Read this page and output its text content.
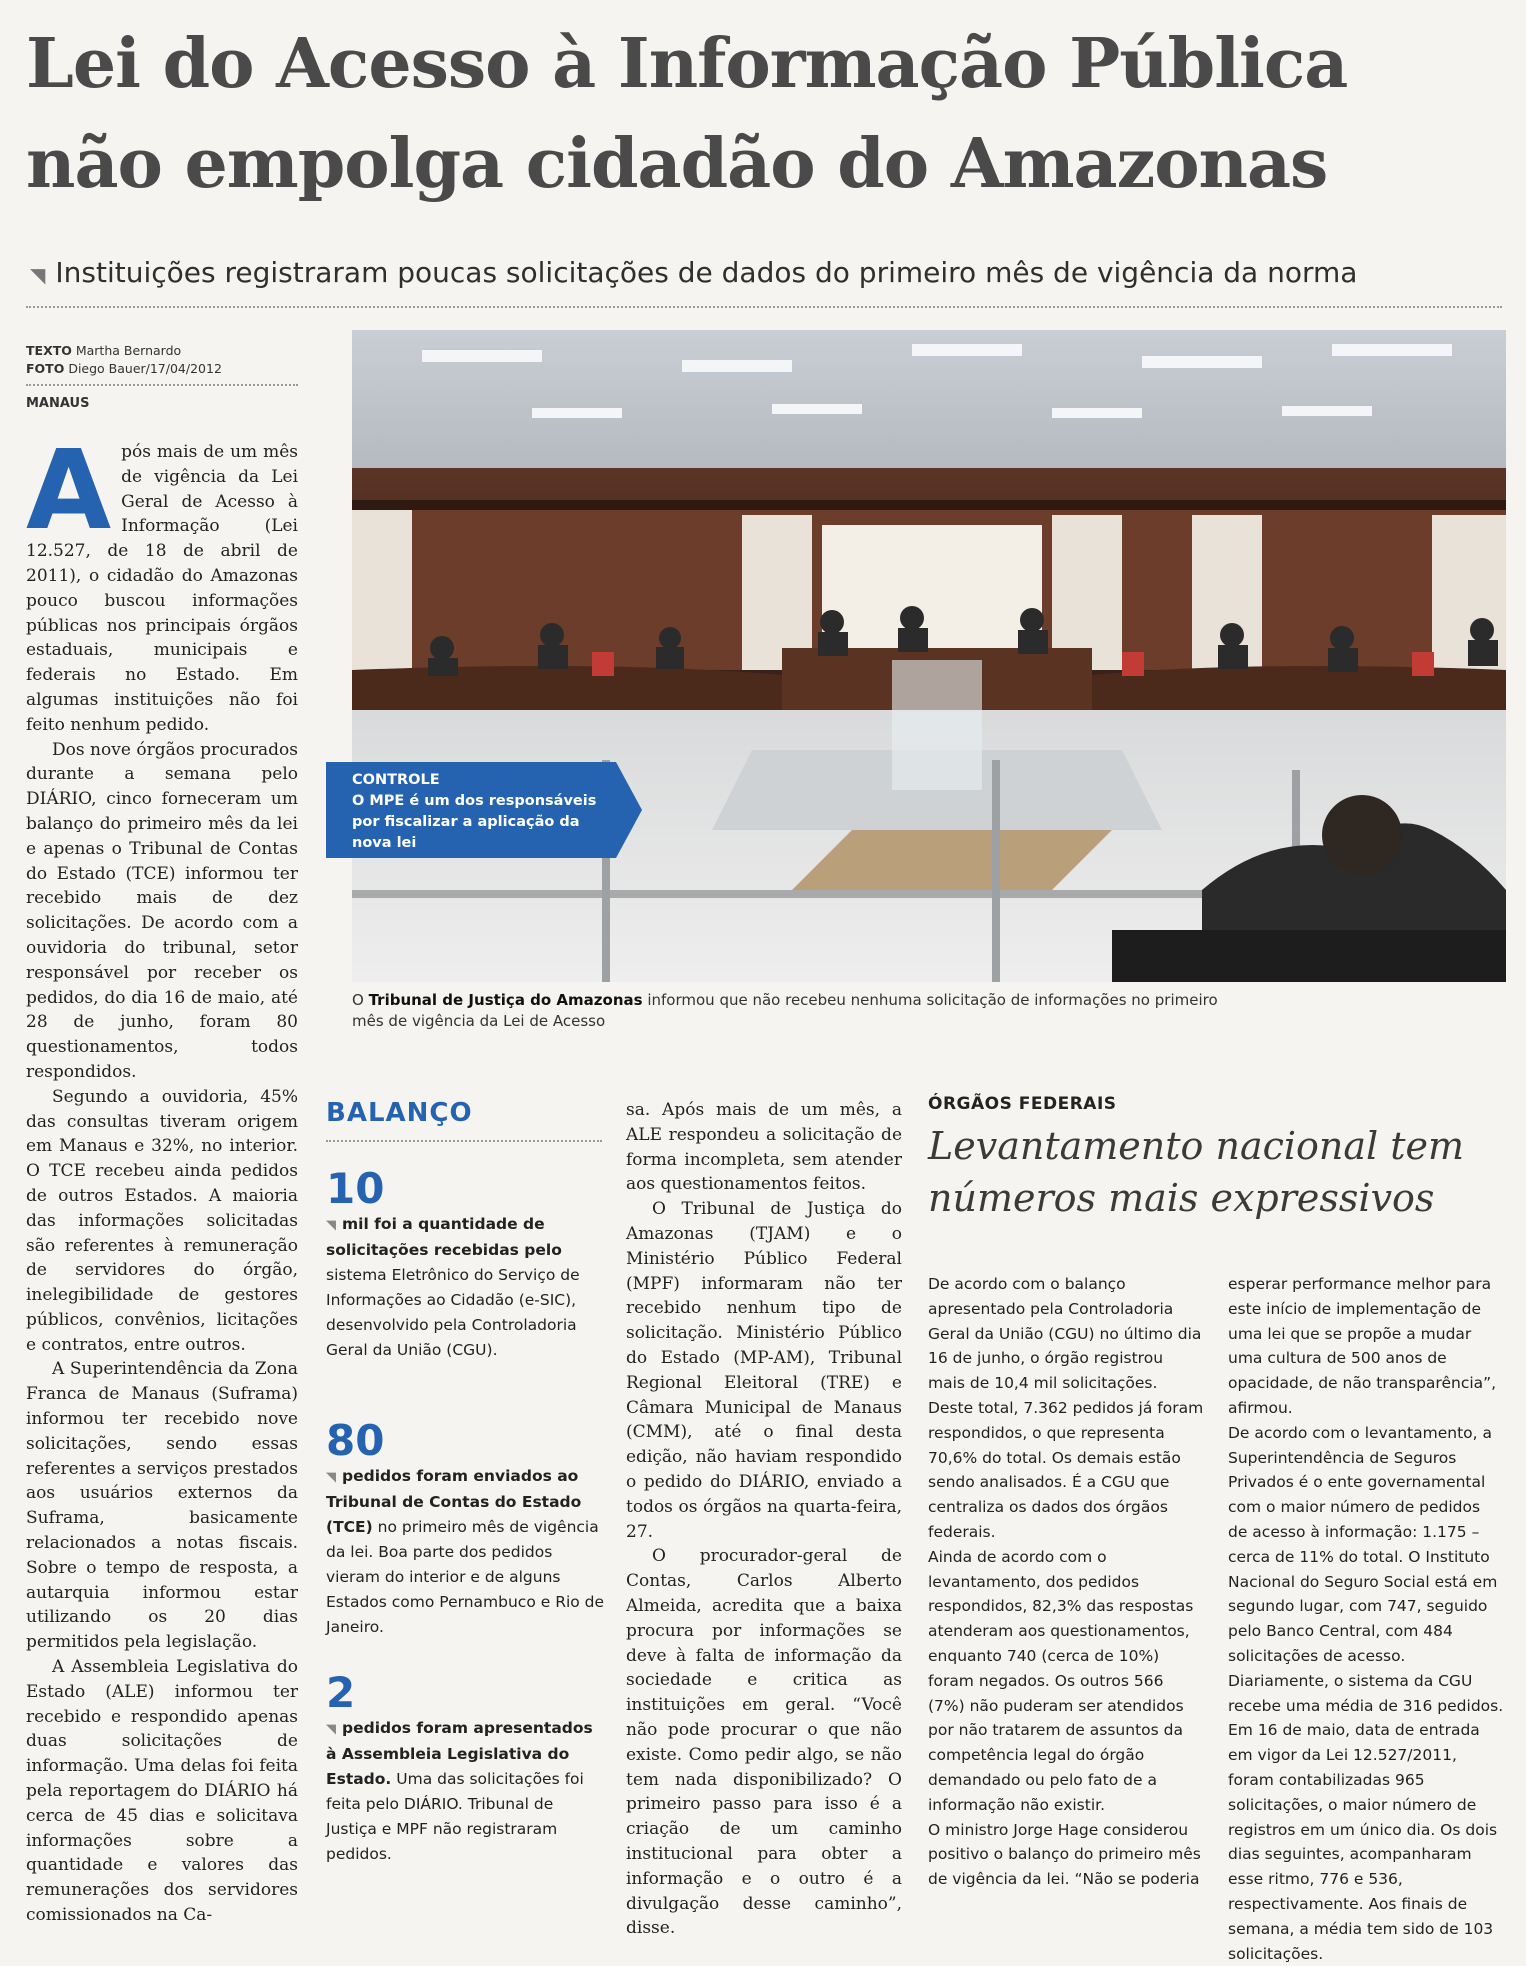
Lei do Acesso à Informação Pública
não empolga cidadão do Amazonas
◥ Instituições registraram poucas solicitações de dados do primeiro mês de vigência da norma
TEXTO Martha Bernardo
FOTO Diego Bauer/17/04/2012
MANAUS

Após mais de um mês de vigência da Lei Geral de Acesso à Informação (Lei 12.527, de 18 de abril de 2011), o cidadão do Amazonas pouco buscou informações públicas nos principais órgãos estaduais, municipais e federais no Estado. Em algumas instituições não foi feito nenhum pedido.

Dos nove órgãos procurados durante a semana pelo DIÁRIO, cinco forneceram um balanço do primeiro mês da lei e apenas o Tribunal de Contas do Estado (TCE) informou ter recebido mais de dez solicitações. De acordo com a ouvidoria do tribunal, setor responsável por receber os pedidos, do dia 16 de maio, até 28 de junho, foram 80 questionamentos, todos respondidos.

Segundo a ouvidoria, 45% das consultas tiveram origem em Manaus e 32%, no interior. O TCE recebeu ainda pedidos de outros Estados. A maioria das informações solicitadas são referentes à remuneração de servidores do órgão, inelegibilidade de gestores públicos, convênios, licitações e contratos, entre outros.

A Superintendência da Zona Franca de Manaus (Suframa) informou ter recebido nove solicitações, sendo essas referentes a serviços prestados aos usuários externos da Suframa, basicamente relacionados a notas fiscais. Sobre o tempo de resposta, a autarquia informou estar utilizando os 20 dias permitidos pela legislação.

A Assembleia Legislativa do Estado (ALE) informou ter recebido e respondido apenas duas solicitações de informação. Uma delas foi feita pela reportagem do DIÁRIO há cerca de 45 dias e solicitava informações sobre a quantidade e valores das remunerações dos servidores comissionados na Ca-

CONTROLE
O MPE é um dos responsáveis por fiscalizar a aplicação da nova lei
O Tribunal de Justiça do Amazonas informou que não recebeu nenhuma solicitação de informações no primeiro mês de vigência da Lei de Acesso
BALANÇO
10
◥ mil foi a quantidade de solicitações recebidas pelo sistema Eletrônico do Serviço de Informações ao Cidadão (e-SIC), desenvolvido pela Controladoria Geral da União (CGU).
80
◥ pedidos foram enviados ao Tribunal de Contas do Estado (TCE) no primeiro mês de vigência da lei. Boa parte dos pedidos vieram do interior e de alguns Estados como Pernambuco e Rio de Janeiro.
2
◥ pedidos foram apresentados à Assembleia Legislativa do Estado. Uma das solicitações foi feita pelo DIÁRIO. Tribunal de Justiça e MPF não registraram pedidos.

sa. Após mais de um mês, a ALE respondeu a solicitação de forma incompleta, sem atender aos questionamentos feitos.

O Tribunal de Justiça do Amazonas (TJAM) e o Ministério Público Federal (MPF) informaram não ter recebido nenhum tipo de solicitação. Ministério Público do Estado (MP-AM), Tribunal Regional Eleitoral (TRE) e Câmara Municipal de Manaus (CMM), até o final desta edição, não haviam respondido o pedido do DIÁRIO, enviado a todos os órgãos na quarta-feira, 27.

O procurador-geral de Contas, Carlos Alberto Almeida, acredita que a baixa procura por informações se deve à falta de informação da sociedade e critica as instituições em geral. “Você não pode procurar o que não existe. Como pedir algo, se não tem nada disponibilizado? O primeiro passo para isso é a criação de um caminho institucional para obter a informação e o outro é a divulgação desse caminho”, disse.

ÓRGÃOS FEDERAIS
Levantamento nacional tem números mais expressivos

De acordo com o balanço apresentado pela Controladoria Geral da União (CGU) no último dia 16 de junho, o órgão registrou mais de 10,4 mil solicitações. Deste total, 7.362 pedidos já foram respondidos, o que representa 70,6% do total. Os demais estão sendo analisados. É a CGU que centraliza os dados dos órgãos federais.

Ainda de acordo com o levantamento, dos pedidos respondidos, 82,3% das respostas atenderam aos questionamentos, enquanto 740 (cerca de 10%) foram negados. Os outros 566 (7%) não puderam ser atendidos por não tratarem de assuntos da competência legal do órgão demandado ou pelo fato de a informação não existir.

O ministro Jorge Hage considerou positivo o balanço do primeiro mês de vigência da lei. “Não se poderia

esperar performance melhor para este início de implementação de uma lei que se propõe a mudar uma cultura de 500 anos de opacidade, de não transparência”, afirmou.

De acordo com o levantamento, a Superintendência de Seguros Privados é o ente governamental com o maior número de pedidos de acesso à informação: 1.175 – cerca de 11% do total. O Instituto Nacional do Seguro Social está em segundo lugar, com 747, seguido pelo Banco Central, com 484 solicitações de acesso. Diariamente, o sistema da CGU recebe uma média de 316 pedidos. Em 16 de maio, data de entrada em vigor da Lei 12.527/2011, foram contabilizadas 965 solicitações, o maior número de registros em um único dia. Os dois dias seguintes, acompanharam esse ritmo, 776 e 536, respectivamente. Aos finais de semana, a média tem sido de 103 solicitações.
